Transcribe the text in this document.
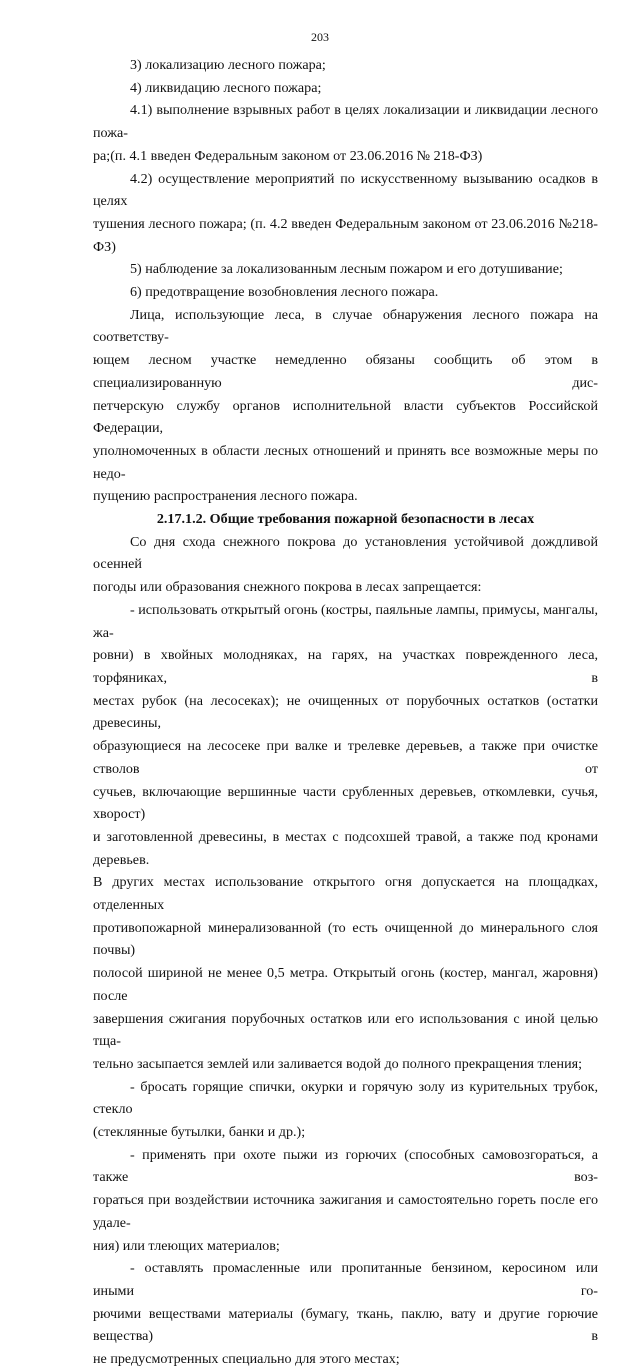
203

3) локализацию лесного пожара;

4) ликвидацию лесного пожара;

4.1) выполнение взрывных работ в целях локализации и ликвидации лесного пожа-

ра;(п. 4.1 введен Федеральным законом от 23.06.2016 № 218-ФЗ)

4.2) осуществление мероприятий по искусственному вызыванию осадков в целях

тушения лесного пожара; (п. 4.2 введен Федеральным законом от 23.06.2016 №218-ФЗ)

5) наблюдение за локализованным лесным пожаром и его дотушивание;

6) предотвращение возобновления лесного пожара.

Лица, использующие леса, в случае обнаружения лесного пожара на соответству-

ющем лесном участке немедленно обязаны сообщить об этом в специализированную дис-

петчерскую службу органов исполнительной власти субъектов Российской Федерации,

уполномоченных в области лесных отношений и принять все возможные меры по недо-

пущению распространения лесного пожара.

2.17.1.2. Общие требования пожарной безопасности в лесах

Со дня схода снежного покрова до установления устойчивой дождливой осенней

погоды или образования снежного покрова в лесах запрещается:

- использовать открытый огонь (костры, паяльные лампы, примусы, мангалы, жа-

ровни) в хвойных молодняках, на гарях, на участках поврежденного леса, торфяниках, в

местах рубок (на лесосеках); не очищенных от порубочных остатков (остатки древесины,

образующиеся на лесосеке при валке и трелевке деревьев, а также при очистке стволов от

сучьев, включающие вершинные части срубленных деревьев, откомлевки, сучья, хворост)

и заготовленной древесины, в местах с подсохшей травой, а также под кронами деревьев.

В других местах использование открытого огня допускается на площадках, отделенных

противопожарной минерализованной (то есть очищенной до минерального слоя почвы)

полосой шириной не менее 0,5 метра. Открытый огонь (костер, мангал, жаровня) после

завершения сжигания порубочных остатков или его использования с иной целью тща-

тельно засыпается землей или заливается водой до полного прекращения тления;

- бросать горящие спички, окурки и горячую золу из курительных трубок, стекло

(стеклянные бутылки, банки и др.);

- применять при охоте пыжи из горючих (способных самовозгораться, а также воз-

гораться при воздействии источника зажигания и самостоятельно гореть после его удале-

ния) или тлеющих материалов;

- оставлять промасленные или пропитанные бензином, керосином или иными го-

рючими веществами материалы (бумагу, ткань, паклю, вату и другие горючие вещества) в

не предусмотренных специально для этого местах;
